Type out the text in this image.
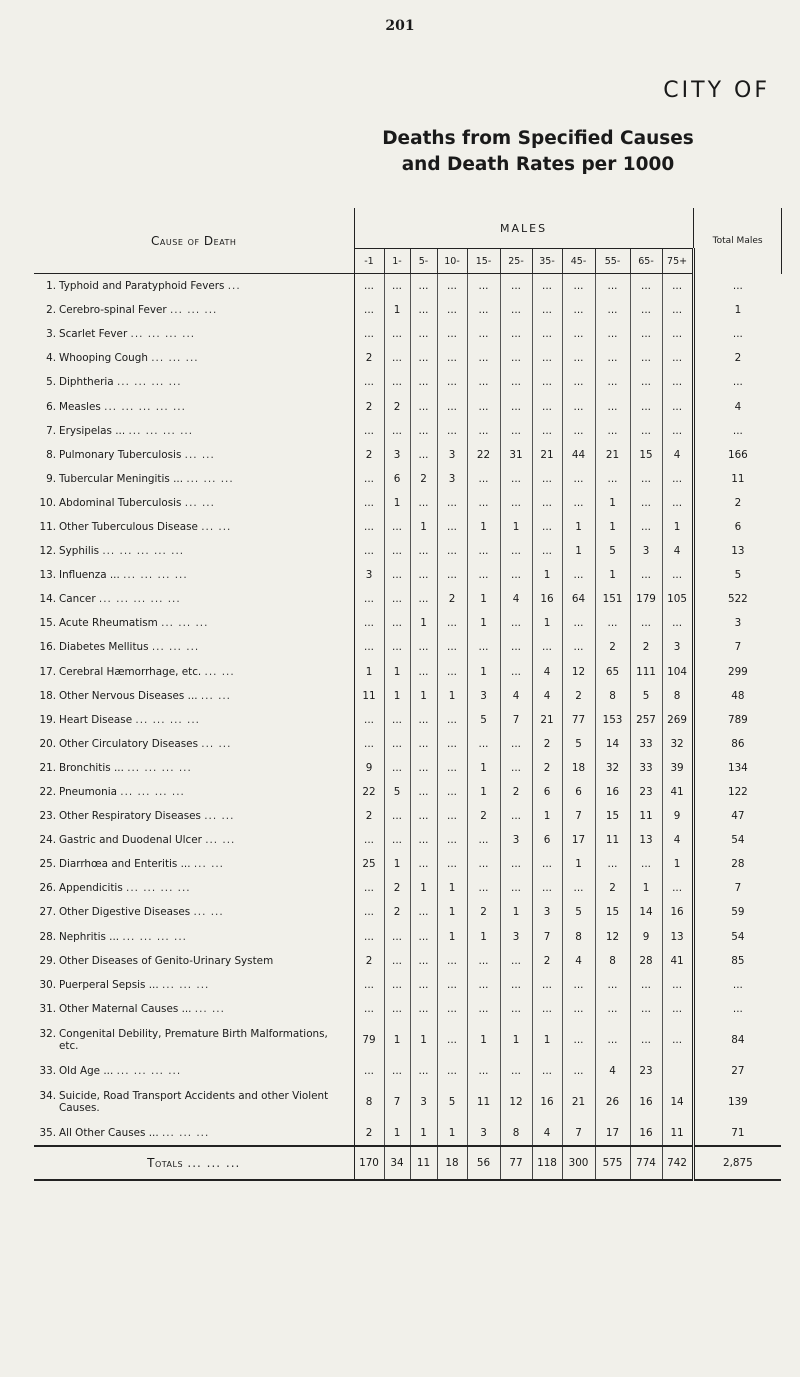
201
CITY OF
Deaths from Specified Causes
and Death Rates per 1000
Cause of Death	MALES											Total Males
	-1	1-	5-	10-	15-	25-	35-	45-	55-	65-	75+	
1. Typhoid and Paratyphoid Fevers ...	...	...	...	...	...	...	...	...	...	...	...	...
2. Cerebro-spinal Fever ... ... ...	...	1	...	...	...	...	...	...	...	...	...	1
3. Scarlet Fever ... ... ... ...	...	...	...	...	...	...	...	...	...	...	...	...
4. Whooping Cough ... ... ...	2	...	...	...	...	...	...	...	...	...	...	2
5. Diphtheria ... ... ... ...	...	...	...	...	...	...	...	...	...	...	...	...
6. Measles ... ... ... ... ...	2	2	...	...	...	...	...	...	...	...	...	4
7. Erysipelas ... ... ... ... ...	...	...	...	...	...	...	...	...	...	...	...	...
8. Pulmonary Tuberculosis ... ...	2	3	...	3	22	31	21	44	21	15	4	166
9. Tubercular Meningitis ... ... ... ...	...	6	2	3	...	...	...	...	...	...	...	11
10. Abdominal Tuberculosis ... ...	...	1	...	...	...	...	...	...	1	...	...	2
11. Other Tuberculous Disease ... ...	...	...	1	...	1	1	...	1	1	...	1	6
12. Syphilis ... ... ... ... ...	...	...	...	...	...	...	...	1	5	3	4	13
13. Influenza ... ... ... ... ...	3	...	...	...	...	...	1	...	1	...	...	5
14. Cancer ... ... ... ... ...	...	...	...	2	1	4	16	64	151	179	105	522
15. Acute Rheumatism ... ... ...	...	...	1	...	1	...	1	...	...	...	...	3
16. Diabetes Mellitus ... ... ...	...	...	...	...	...	...	...	...	2	2	3	7
17. Cerebral Hæmorrhage, etc. ... ...	1	1	...	...	1	...	4	12	65	111	104	299
18. Other Nervous Diseases ... ... ...	11	1	1	1	3	4	4	2	8	5	8	48
19. Heart Disease ... ... ... ...	...	...	...	...	5	7	21	77	153	257	269	789
20. Other Circulatory Diseases ... ...	...	...	...	...	...	...	2	5	14	33	32	86
21. Bronchitis ... ... ... ... ...	9	...	...	...	1	...	2	18	32	33	39	134
22. Pneumonia ... ... ... ...	22	5	...	...	1	2	6	6	16	23	41	122
23. Other Respiratory Diseases ... ...	2	...	...	...	2	...	1	7	15	11	9	47
24. Gastric and Duodenal Ulcer ... ...	...	...	...	...	...	3	6	17	11	13	4	54
25. Diarrhœa and Enteritis ... ... ...	25	1	...	...	...	...	...	1	...	...	1	28
26. Appendicitis ... ... ... ...	...	2	1	1	...	...	...	...	2	1	...	7
27. Other Digestive Diseases ... ...	...	2	...	1	2	1	3	5	15	14	16	59
28. Nephritis ... ... ... ... ...	...	...	...	1	1	3	7	8	12	9	13	54
29. Other Diseases of Genito-Urinary System	2	...	...	...	...	...	2	4	8	28	41	85
30. Puerperal Sepsis ... ... ... ...	...	...	...	...	...	...	...	...	...	...	...	...
31. Other Maternal Causes ... ... ...	...	...	...	...	...	...	...	...	...	...	...	...
32. Congenital Debility, Premature Birth Malformations, etc.	79	1	1	...	1	1	1	...	...	...	...	84
33. Old Age ... ... ... ... ...	...	...	...	...	...	...	...	...	4	23		27
34. Suicide, Road Transport Accidents and other Violent Causes.	8	7	3	5	11	12	16	21	26	16	14	139
35. All Other Causes ... ... ... ...	2	1	1	1	3	8	4	7	17	16	11	71
Totals ... ... ...	170	34	11	18	56	77	118	300	575	774	742	2,875
